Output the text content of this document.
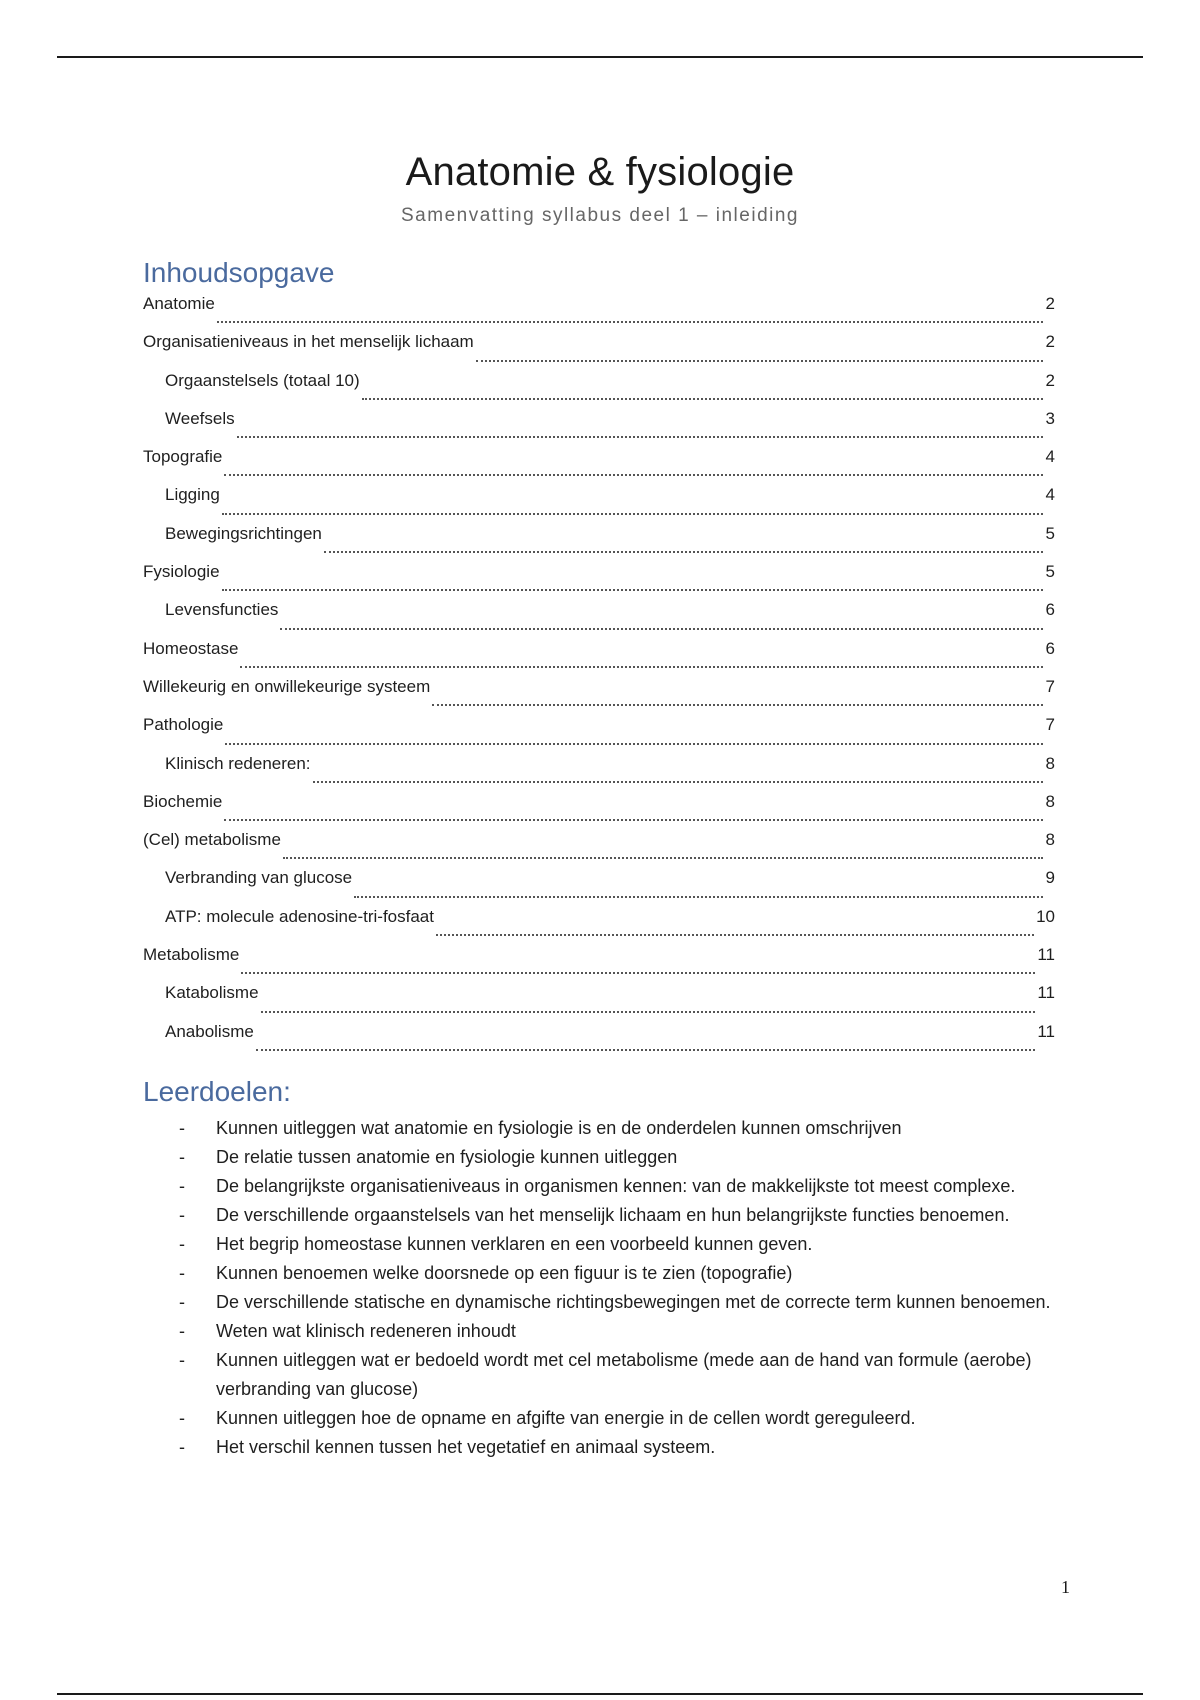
Anatomie & fysiologie
Samenvatting syllabus deel 1 – inleiding
Inhoudsopgave
Anatomie	2
Organisatieniveaus in het menselijk lichaam	2
Orgaanstelsels (totaal 10)	2
Weefsels	3
Topografie	4
Ligging	4
Bewegingsrichtingen	5
Fysiologie	5
Levensfuncties	6
Homeostase	6
Willekeurig en onwillekeurige systeem	7
Pathologie	7
Klinisch redeneren:	8
Biochemie	8
(Cel) metabolisme	8
Verbranding van glucose	9
ATP: molecule adenosine-tri-fosfaat	10
Metabolisme	11
Katabolisme	11
Anabolisme	11
Leerdoelen:
- Kunnen uitleggen wat anatomie en fysiologie is en de onderdelen kunnen omschrijven
- De relatie tussen anatomie en fysiologie kunnen uitleggen
- De belangrijkste organisatieniveaus in organismen kennen: van de makkelijkste tot meest complexe.
- De verschillende orgaanstelsels van het menselijk lichaam en hun belangrijkste functies benoemen.
- Het begrip homeostase kunnen verklaren en een voorbeeld kunnen geven.
- Kunnen benoemen welke doorsnede op een figuur is te zien (topografie)
- De verschillende statische en dynamische richtingsbewegingen met de correcte term kunnen benoemen.
- Weten wat klinisch redeneren inhoudt
- Kunnen uitleggen wat er bedoeld wordt met cel metabolisme (mede aan de hand van formule (aerobe) verbranding van glucose)
- Kunnen uitleggen hoe de opname en afgifte van energie in de cellen wordt gereguleerd.
- Het verschil kennen tussen het vegetatief en animaal systeem.
1
